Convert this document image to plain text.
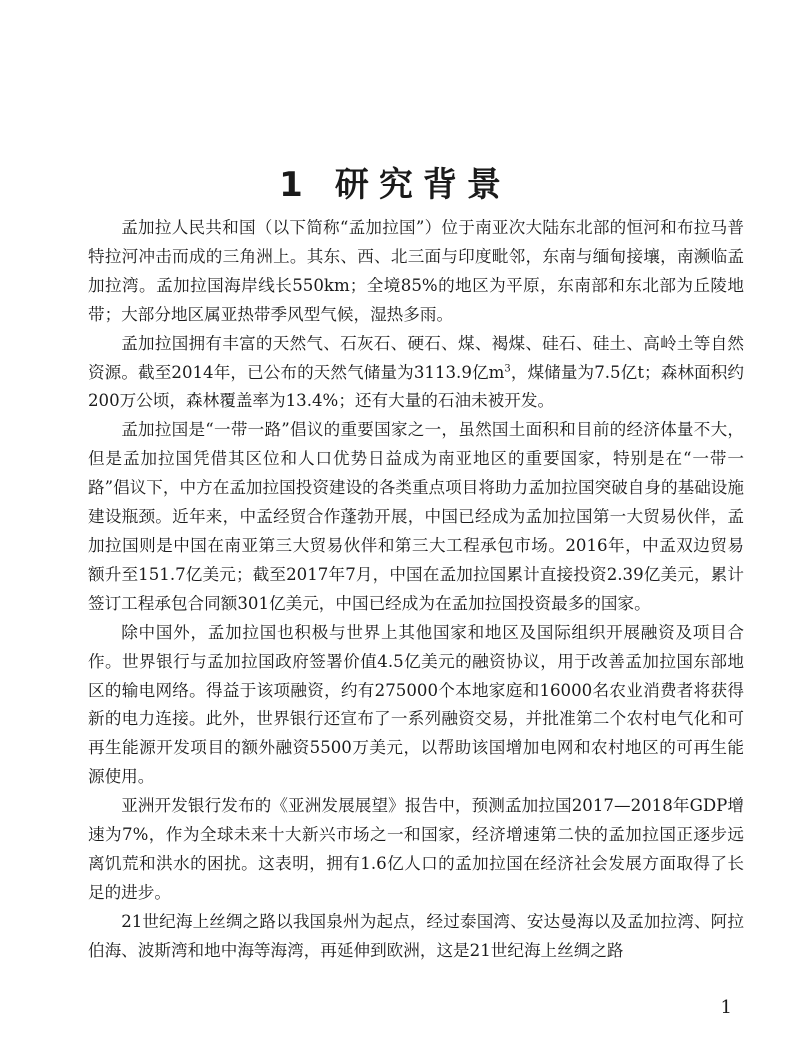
1 研究背景

孟加拉人民共和国（以下简称“孟加拉国”）位于南亚次大陆东北部的恒河和布拉马普特拉河冲击而成的三角洲上。其东、西、北三面与印度毗邻，东南与缅甸接壤，南濒临孟加拉湾。孟加拉国海岸线长550km；全境85%的地区为平原，东南部和东北部为丘陵地带；大部分地区属亚热带季风型气候，湿热多雨。

孟加拉国拥有丰富的天然气、石灰石、硬石、煤、褐煤、硅石、硅土、高岭土等自然资源。截至2014年，已公布的天然气储量为3113.9亿$m^3$，煤储量为7.5亿t；森林面积约200万公顷，森林覆盖率为13.4%；还有大量的石油未被开发。

孟加拉国是“一带一路”倡议的重要国家之一，虽然国土面积和目前的经济体量不大，但是孟加拉国凭借其区位和人口优势日益成为南亚地区的重要国家，特别是在“一带一路”倡议下，中方在孟加拉国投资建设的各类重点项目将助力孟加拉国突破自身的基础设施建设瓶颈。近年来，中孟经贸合作蓬勃开展，中国已经成为孟加拉国第一大贸易伙伴，孟加拉国则是中国在南亚第三大贸易伙伴和第三大工程承包市场。2016年，中孟双边贸易额升至151.7亿美元；截至2017年7月，中国在孟加拉国累计直接投资2.39亿美元，累计签订工程承包合同额301亿美元，中国已经成为在孟加拉国投资最多的国家。

除中国外，孟加拉国也积极与世界上其他国家和地区及国际组织开展融资及项目合作。世界银行与孟加拉国政府签署价值4.5亿美元的融资协议，用于改善孟加拉国东部地区的输电网络。得益于该项融资，约有275000个本地家庭和16000名农业消费者将获得新的电力连接。此外，世界银行还宣布了一系列融资交易，并批准第二个农村电气化和可再生能源开发项目的额外融资5500万美元，以帮助该国增加电网和农村地区的可再生能源使用。

亚洲开发银行发布的《亚洲发展展望》报告中，预测孟加拉国2017—2018年GDP增速为7%，作为全球未来十大新兴市场之一和国家，经济增速第二快的孟加拉国正逐步远离饥荒和洪水的困扰。这表明，拥有1.6亿人口的孟加拉国在经济社会发展方面取得了长足的进步。

21世纪海上丝绸之路以我国泉州为起点，经过泰国湾、安达曼海以及孟加拉湾、阿拉伯海、波斯湾和地中海等海湾，再延伸到欧洲，这是21世纪海上丝绸之路

1
